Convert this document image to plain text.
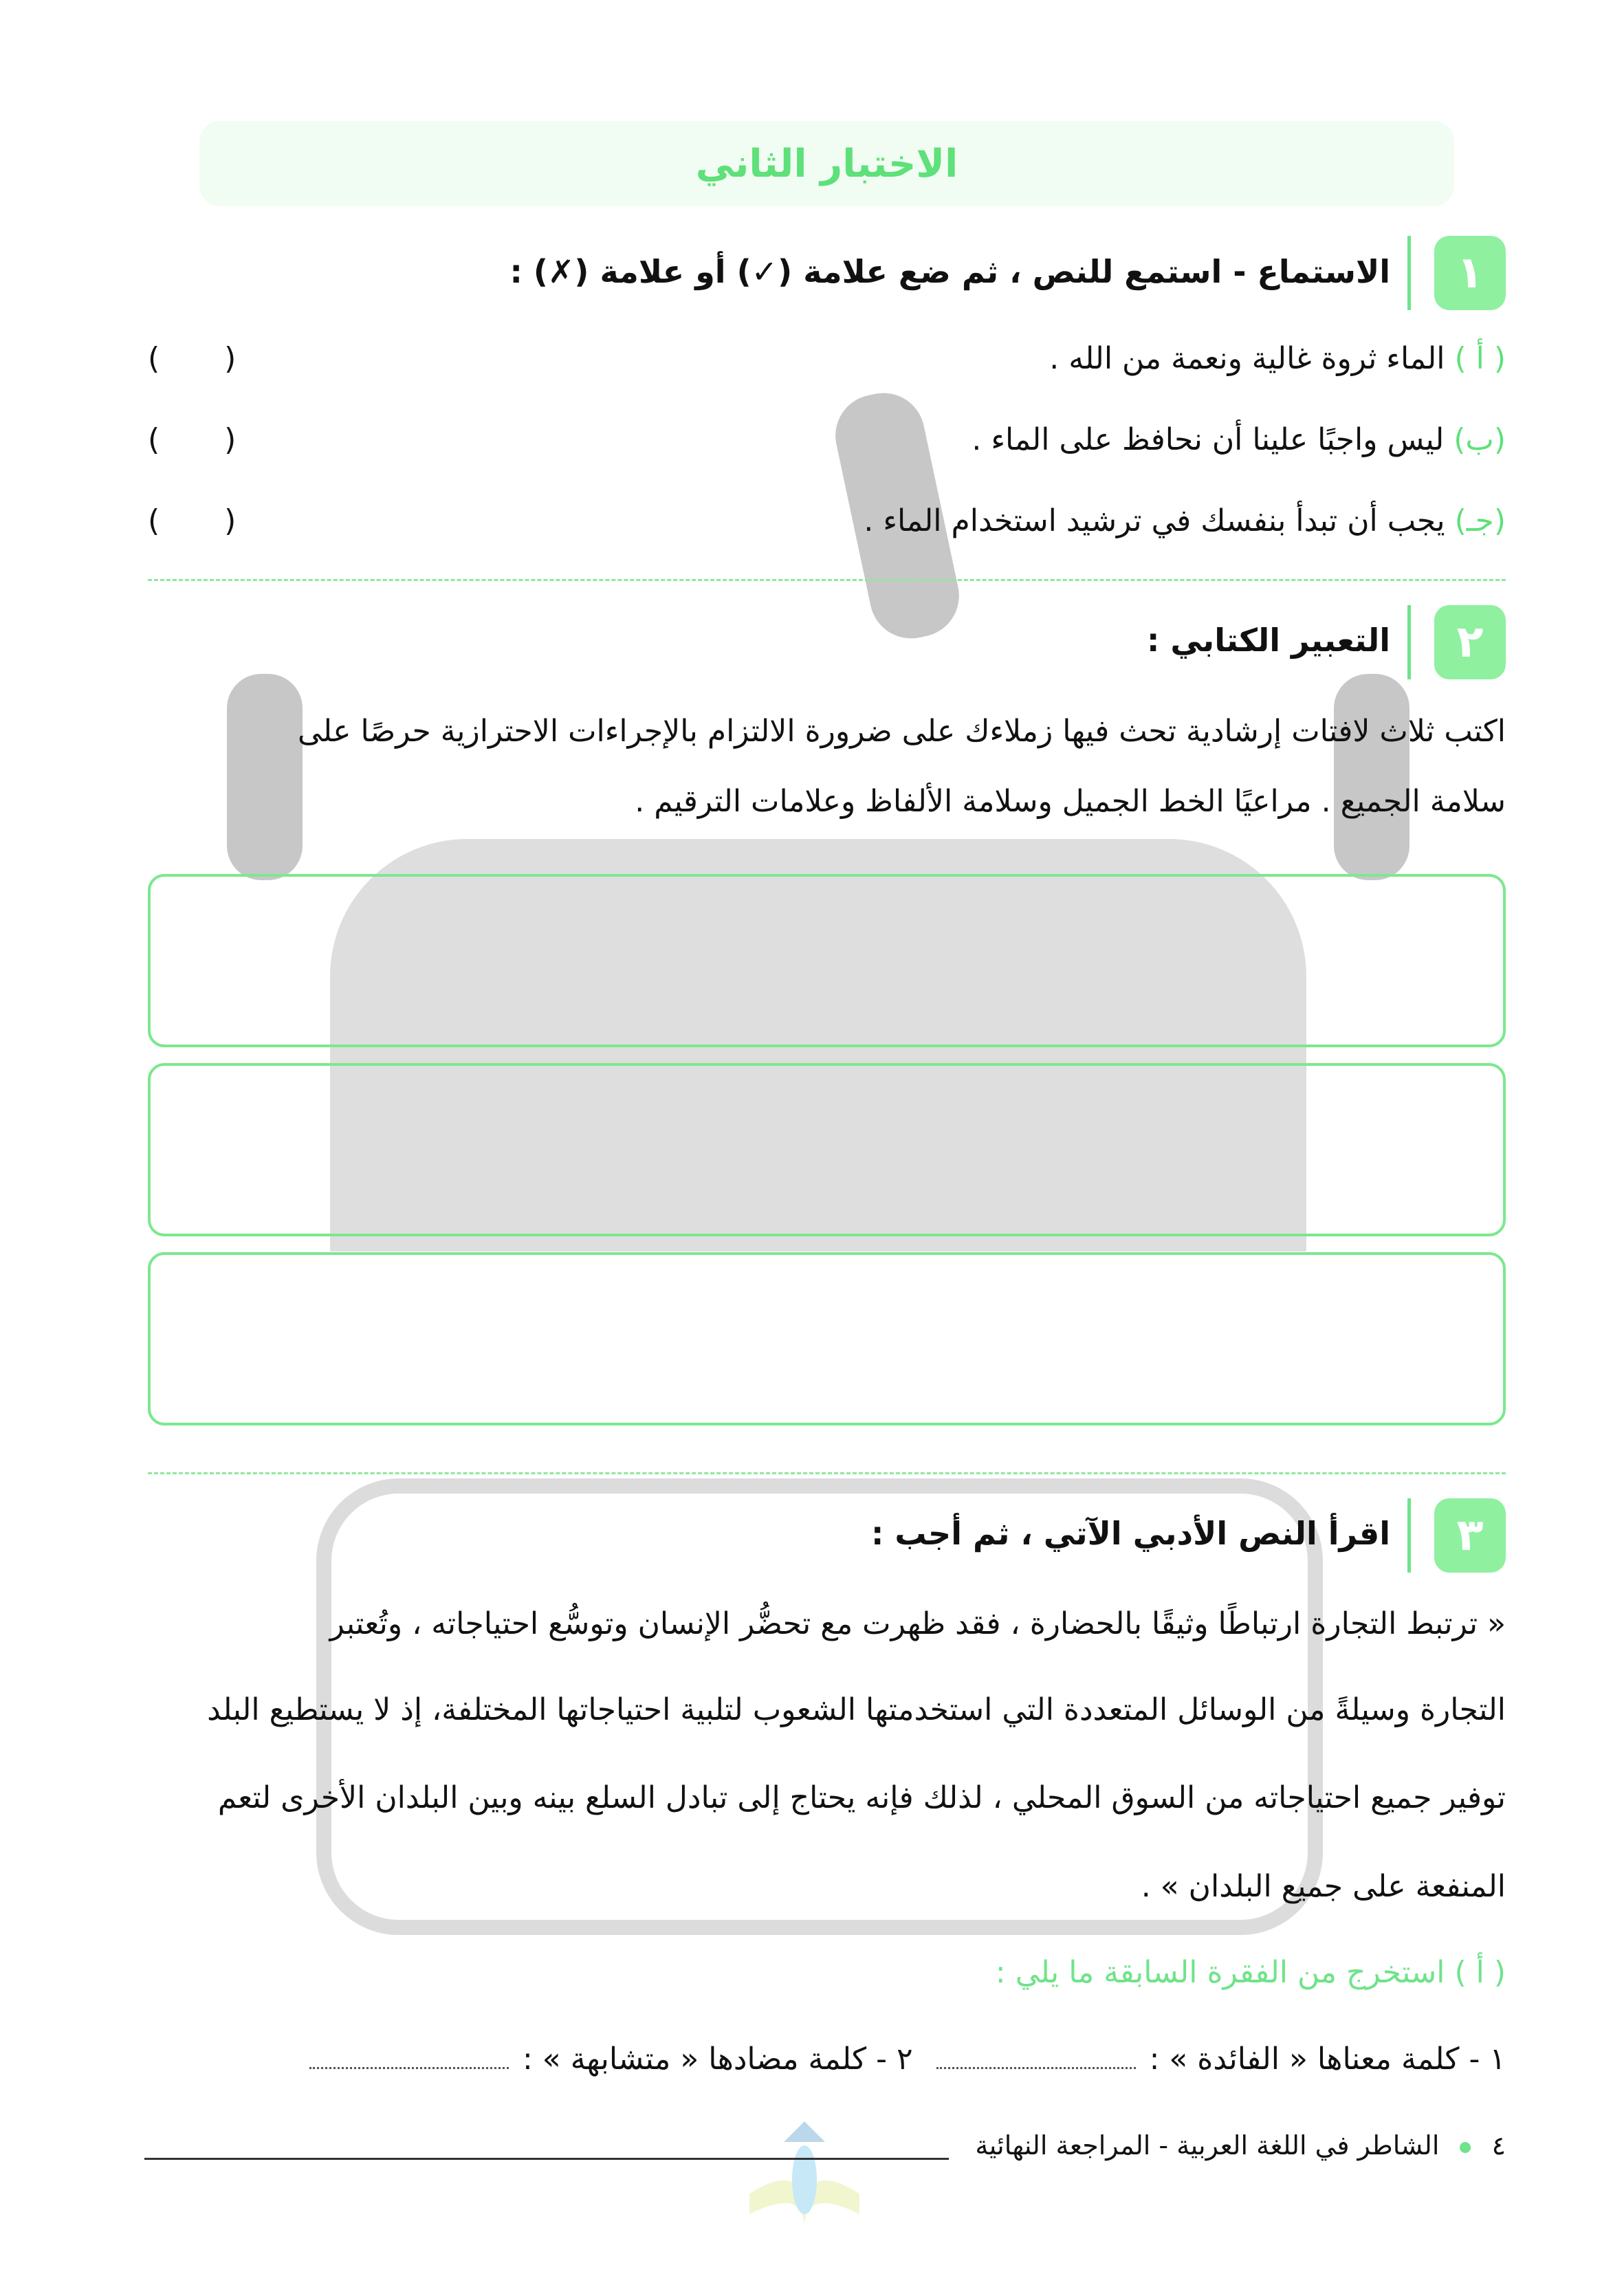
الاختبار الثاني
١
الاستماع - استمع للنص ، ثم ضع علامة (✓) أو علامة (✗) :
( أ ) الماء ثروة غالية ونعمة من الله .
( )
(ب) ليس واجبًا علينا أن نحافظ على الماء .
( )
(جـ) يجب أن تبدأ بنفسك في ترشيد استخدام الماء .
( )
٢
التعبير الكتابي :
اكتب ثلاث لافتات إرشادية تحث فيها زملاءك على ضرورة الالتزام بالإجراءات الاحترازية حرصًا على
سلامة الجميع . مراعيًا الخط الجميل وسلامة الألفاظ وعلامات الترقيم .
٣
اقرأ النص الأدبي الآتي ، ثم أجب :
« ترتبط التجارة ارتباطًا وثيقًا بالحضارة ، فقد ظهرت مع تحضُّر الإنسان وتوسُّع احتياجاته ، وتُعتبر
التجارة وسيلةً من الوسائل المتعددة التي استخدمتها الشعوب لتلبية احتياجاتها المختلفة، إذ لا يستطيع البلد
توفير جميع احتياجاته من السوق المحلي ، لذلك فإنه يحتاج إلى تبادل السلع بينه وبين البلدان الأخرى لتعم
المنفعة على جميع البلدان » .
( أ ) استخرج من الفقرة السابقة ما يلي :
١ - كلمة معناها « الفائدة » : ٢ - كلمة مضادها « متشابهة » :
٤  الشاطر في اللغة العربية - المراجعة النهائية
